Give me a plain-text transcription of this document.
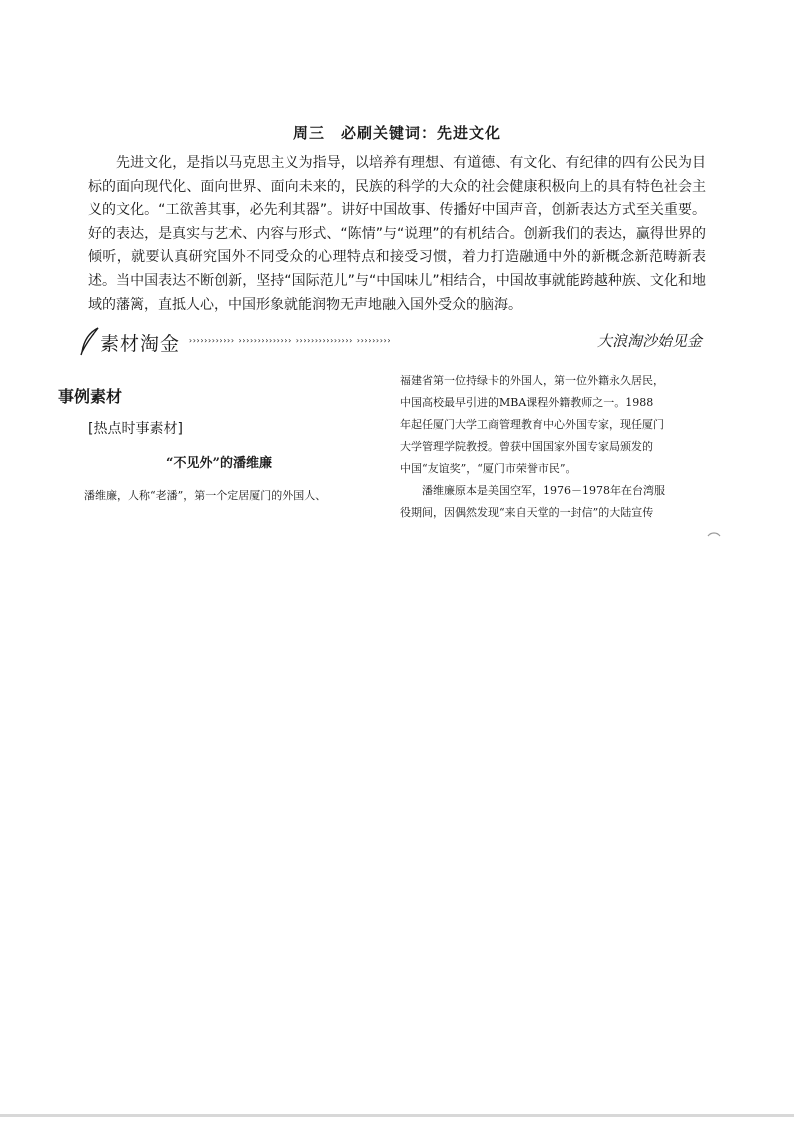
周三　必刷关键词：先进文化

先进文化，是指以马克思主义为指导，以培养有理想、有道德、有文化、有纪律的四有公民为目标的面向现代化、面向世界、面向未来的，民族的科学的大众的社会健康积极向上的具有特色社会主义的文化。“工欲善其事，必先利其器”。讲好中国故事、传播好中国声音，创新表达方式至关重要。好的表达，是真实与艺术、内容与形式、“陈情”与“说理”的有机结合。创新我们的表达，赢得世界的倾听，就要认真研究国外不同受众的心理特点和接受习惯，着力打造融通中外的新概念新范畴新表述。当中国表达不断创新，坚持“国际范儿”与“中国味儿”相结合，中国故事就能跨越种族、文化和地域的藩篱，直抵人心，中国形象就能润物无声地融入国外受众的脑海。

素材淘金 ›››››››››››› ›››››››››››››› ››››››››››››››› ›››››››››	大浪淘沙始见金
事例素材
[热点时事素材]
“不见外”的潘维廉

潘维廉，人称“老潘”，第一个定居厦门的外国人、

福建省第一位持绿卡的外国人，第一位外籍永久居民，
中国高校最早引进的MBA课程外籍教师之一。1988
年起任厦门大学工商管理教育中心外国专家，现任厦门
大学管理学院教授。曾获中国国家外国专家局颁发的
中国“友谊奖”，“厦门市荣誉市民”。
潘维廉原本是美国空军，1976－1978年在台湾服
役期间，因偶然发现“来自天堂的一封信”的大陆宣传
